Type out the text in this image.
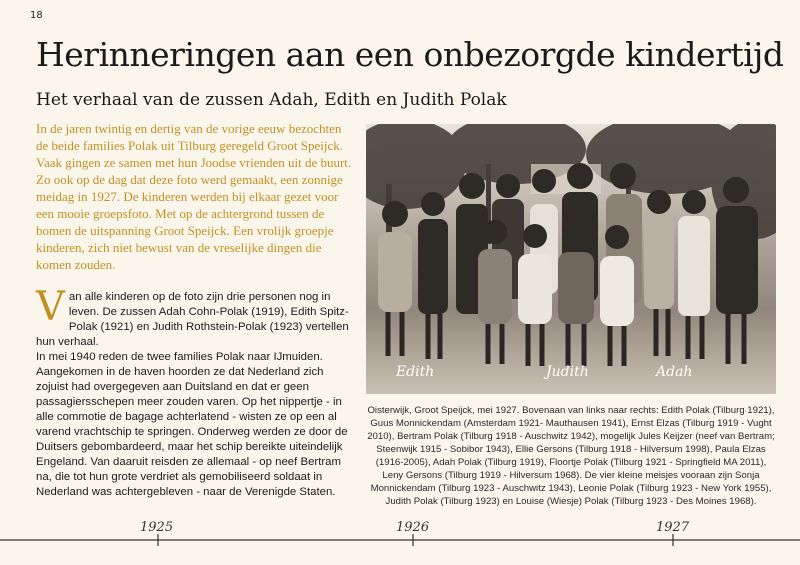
18
Herinneringen aan een onbezorgde kindertijd
Het verhaal van de zussen Adah, Edith en Judith Polak

In de jaren twintig en dertig van de vorige eeuw bezochten de beide families Polak uit Tilburg geregeld Groot Speijck. Vaak gingen ze samen met hun Joodse vrienden uit de buurt. Zo ook op de dag dat deze foto werd gemaakt, een zonnige meidag in 1927. De kinderen werden bij elkaar gezet voor een mooie groepsfoto. Met op de achtergrond tussen de bomen de uitspanning Groot Speijck. Een vrolijk groepje kinderen, zich niet bewust van de vreselijke dingen die komen zouden.

V an alle kinderen op de foto zijn drie personen nog in leven. De zussen Adah Cohn-Polak (1919), Edith Spitz-Polak (1921) en Judith Rothstein-Polak (1923) vertellen hun verhaal.

In mei 1940 reden de twee families Polak naar IJmuiden. Aangekomen in de haven hoorden ze dat Nederland zich zojuist had overgegeven aan Duitsland en dat er geen passagiersschepen meer zouden varen. Op het nippertje - in alle commotie de bagage achterlatend - wisten ze op een al varend vrachtschip te springen. Onderweg werden ze door de Duitsers gebombardeerd, maar het schip bereikte uiteindelijk Engeland. Van daaruit reisden ze allemaal - op neef Bertram na, die tot hun grote verdriet als gemobiliseerd soldaat in Nederland was achtergebleven - naar de Verenigde Staten.

Edith	Judith	Adah

Oisterwijk, Groot Speijck, mei 1927. Bovenaan van links naar rechts: Edith Polak (Tilburg 1921), Guus Monnickendam (Amsterdam 1921- Mauthausen 1941), Ernst Elzas (Tilburg 1919 - Vught 2010), Bertram Polak (Tilburg 1918 - Auschwitz 1942), mogelijk Jules Keijzer (neef van Bertram; Steenwijk 1915 - Sobibor 1943), Ellie Gersons (Tilburg 1918 - Hilversum 1998), Paula Elzas (1916-2005), Adah Polak (Tilburg 1919), Floortje Polak (Tilburg 1921 - Springfield MA 2011), Leny Gersons (Tilburg 1919 - Hilversum 1968). De vier kleine meisjes vooraan zijn Sonja Monnickendam (Tilburg 1923 - Auschwitz 1943), Leonie Polak (Tilburg 1923 - New York 1955), Judith Polak (Tilburg 1923) en Louise (Wiesje) Polak (Tilburg 1923 - Des Moines 1968).

1925	1926	1927
